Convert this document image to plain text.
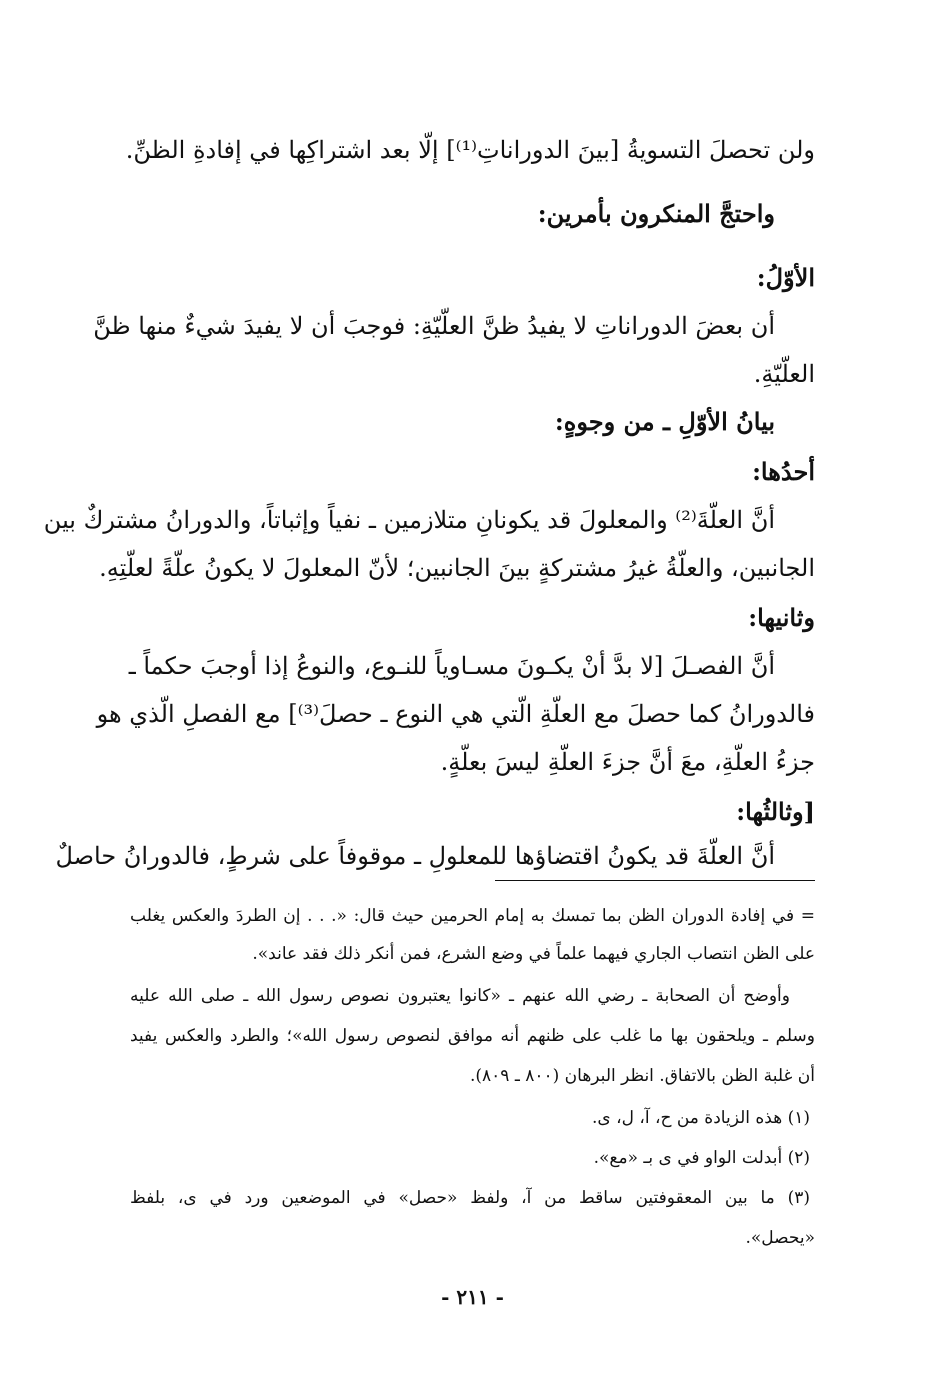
ولن تحصلَ التسويةُ [بينَ الدوراناتِ⁽¹⁾] إلّا بعد اشتراكِها في إفادةِ الظنِّ.
واحتجَّ المنكرون بأمرين:
الأوّلُ:
أن بعضَ الدوراناتِ لا يفيدُ ظنَّ العلّيّةِ: فوجبَ أن لا يفيدَ شيءٌ منها ظنَّ
العلّيّةِ.
بيانُ الأوّلِ ـ من وجوهٍ:
أحدُها:
أنَّ العلّةَ⁽²⁾ والمعلولَ قد يكونانِ متلازمين ـ نفياً وإثباتاً، والدورانُ مشتركٌ بين
الجانبين، والعلّةُ غيرُ مشتركةٍ بينَ الجانبين؛ لأنّ المعلولَ لا يكونُ علّةً لعلّتِهِ.
وثانيها:
أنَّ الفصـلَ [لا بدَّ أنْ يكـونَ مسـاوياً للنـوع، والنوعُ إذا أوجبَ حكماً ـ
فالدورانُ كما حصلَ مع العلّةِ الّتي هي النوع ـ حصلَ⁽³⁾] مع الفصلِ الّذي هو
جزءُ العلّةِ، معَ أنَّ جزءَ العلّةِ ليسَ بعلّةٍ.
[وثالثُها:
أنَّ العلّةَ قد يكونُ اقتضاؤها للمعلولِ ـ موقوفاً على شرطٍ، فالدورانُ حاصلٌ
= في إفادة الدوران الظن بما تمسك به إمام الحرمين حيث قال: «. . . إن الطردَ والعكس يغلب
على الظن انتصاب الجاري فيهما علماً في وضع الشرع، فمن أنكر ذلك فقد عاند».
وأوضح أن الصحابة ـ رضي الله عنهم ـ «كانوا يعتبرون نصوص رسول الله ـ صلى الله عليه
وسلم ـ ويلحقون بها ما غلب على ظنهم أنه موافق لنصوص رسول الله»؛ والطرد والعكس يفيد
أن غلبة الظن بالاتفاق. انظر البرهان (٨٠٠ ـ ٨٠٩).
(١) هذه الزيادة من ح، آ، ل، ى.
(٢) أبدلت الواو في ى بـ «مع».
(٣) ما بين المعقوفتين ساقط من آ، ولفظ «حصل» في الموضعين ورد في ى، بلفظ
«يحصل».
- ٢١١ -
